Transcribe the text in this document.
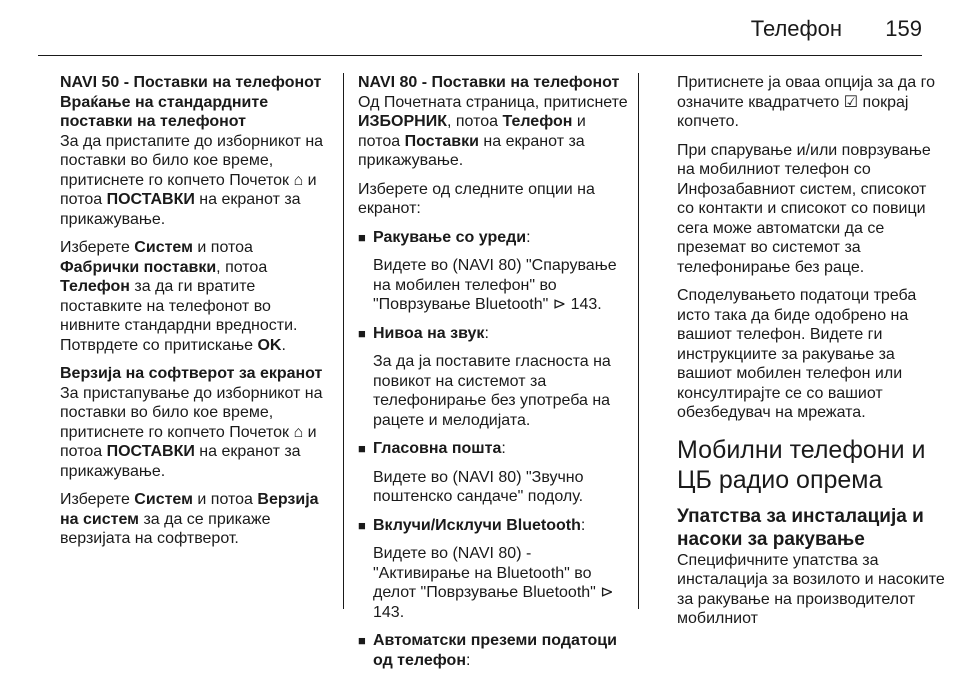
Телефон 159
NAVI 50 - Поставки на телефонот
Враќање на стандардните поставки на телефонот

За да пристапите до изборникот на поставки во било кое време, притиснете го копчето Почеток ⌂ и потоа ПОСТАВКИ на екранот за прикажување.

Изберете Систем и потоа Фабрички поставки, потоа Телефон за да ги вратите поставките на телефонот во нивните стандардни вредности. Потврдете со притискање OK.

Верзија на софтверот за екранот

За пристапување до изборникот на поставки во било кое време, притиснете го копчето Почеток ⌂ и потоа ПОСТАВКИ на екранот за прикажување.

Изберете Систем и потоа Верзија на систем за да се прикаже верзијата на софтверот.

NAVI 80 - Поставки на телефонот

Од Почетната страница, притиснете ИЗБОРНИК, потоа Телефон и потоа Поставки на екранот за прикажување.

Изберете од следните опции на екранот:

■ Ракување со уреди:

Видете во (NAVI 80) "Спарување на мобилен телефон" во "Поврзување Bluetooth" ⊳ 143.

■ Нивоа на звук:

За да ја поставите гласноста на повикот на системот за телефонирање без употреба на рацете и мелодијата.

■ Гласовна пошта:

Видете во (NAVI 80) "Звучно поштенско сандаче" подолу.

■ Вклучи/Исклучи Bluetooth:

Видете во (NAVI 80) - "Активирање на Bluetooth" во делот "Поврзување Bluetooth" ⊳ 143.

■ Автоматски преземи податоци од телефон:

Притиснете ја оваа опција за да го означите квадратчето ☑ покрај копчето.

При спарување и/или поврзување на мобилниот телефон со Инфозабавниот систем, списокот со контакти и списокот со повици сега може автоматски да се преземат во системот за телефонирање без раце.

Споделувањето податоци треба исто така да биде одобрено на вашиот телефон. Видете ги инструкциите за ракување за вашиот мобилен телефон или консултирајте се со вашиот обезбедувач на мрежата.

Мобилни телефони и ЦБ радио опрема
Упатства за инсталација и насоки за ракување

Специфичните упатства за инсталација за возилото и насоките за ракување на производителот мобилниот
